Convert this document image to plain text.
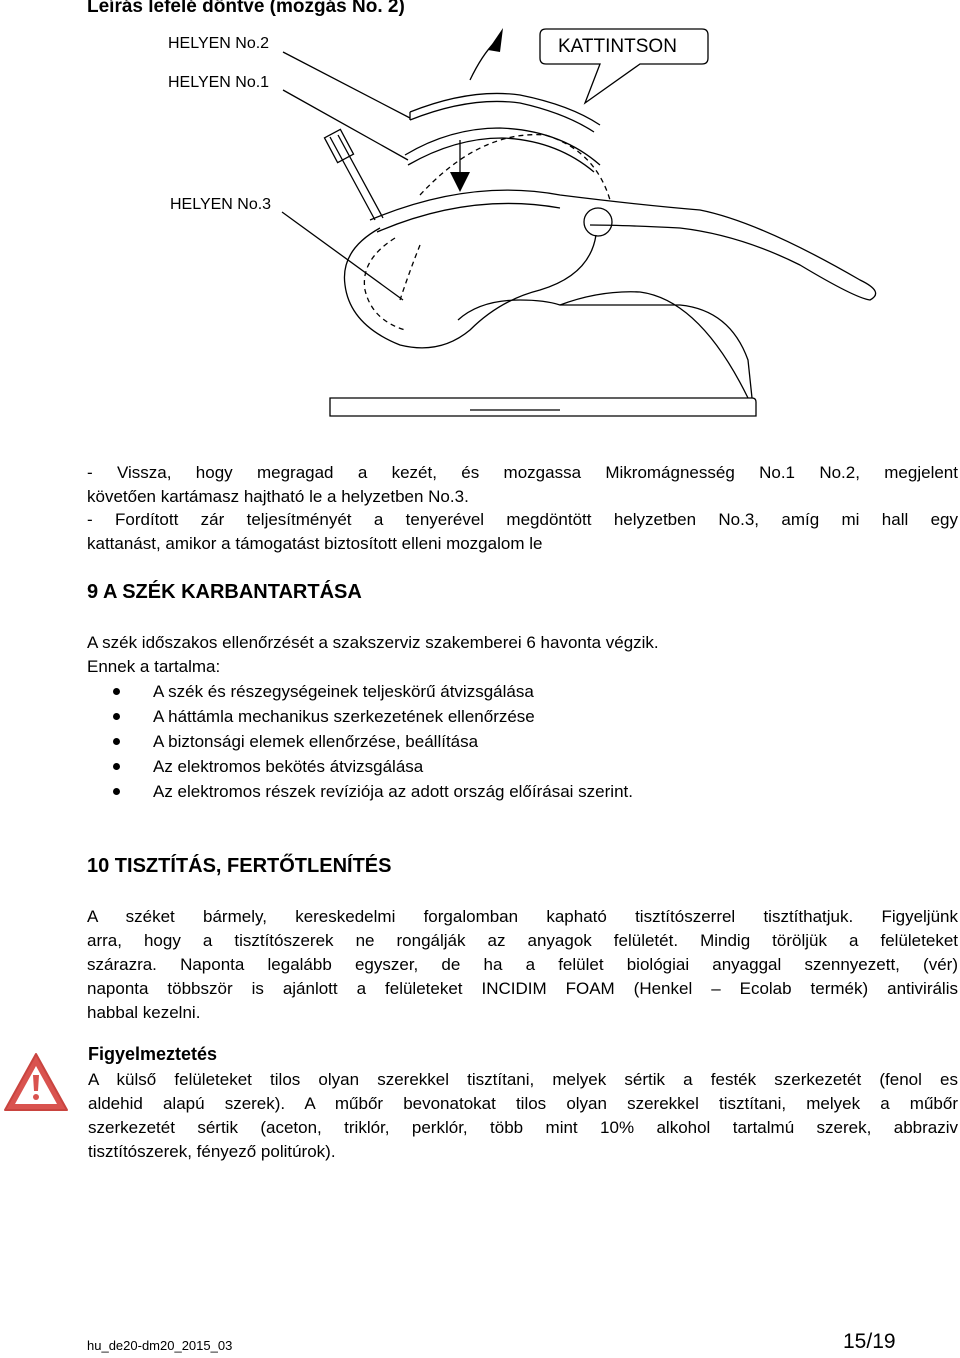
Leírás lefelé döntve (mozgás No. 2)
HELYEN No.2
HELYEN No.1
HELYEN No.3
KATTINTSON
- Vissza, hogy megragad a kezét, és mozgassa Mikromágnesség No.1 No.2, megjelent
követően kartámasz hajtható le a helyzetben No.3.
- Fordított zár teljesítményét a tenyerével megdöntött helyzetben No.3, amíg mi hall egy
kattanást, amikor a támogatást biztosított elleni mozgalom le
9 A SZÉK KARBANTARTÁSA
A szék időszakos ellenőrzését a szakszerviz szakemberei 6 havonta végzik.
Ennek a tartalma:
A szék és részegységeinek teljeskörű átvizsgálása
A háttámla mechanikus szerkezetének ellenőrzése
A biztonsági elemek ellenőrzése, beállítása
Az elektromos bekötés átvizsgálása
Az elektromos részek revíziója az adott ország előírásai szerint.
10 TISZTÍTÁS, FERTŐTLENÍTÉS
A széket bármely, kereskedelmi forgalomban kapható tisztítószerrel tisztíthatjuk. Figyeljünk
arra, hogy a tisztítószerek ne rongálják az anyagok felületét. Mindig töröljük a felületeket
szárazra. Naponta legalább egyszer, de ha a felület biológiai anyaggal szennyezett, (vér)
naponta többször is ajánlott a felületeket INCIDIM FOAM (Henkel – Ecolab termék) antivirális
habbal kezelni.
Figyelmeztetés
A külső felületeket tilos olyan szerekkel tisztítani, melyek sértik a festék szerkezetét (fenol es
aldehid alapú szerek). A műbőr bevonatokat tilos olyan szerekkel tisztítani, melyek a műbőr
szerkezetét sértik (aceton, triklór, perklór, több mint 10% alkohol tartalmú szerek, abbraziv
tisztítószerek, fényező politúrok).
hu_de20-dm20_2015_03	15/19
